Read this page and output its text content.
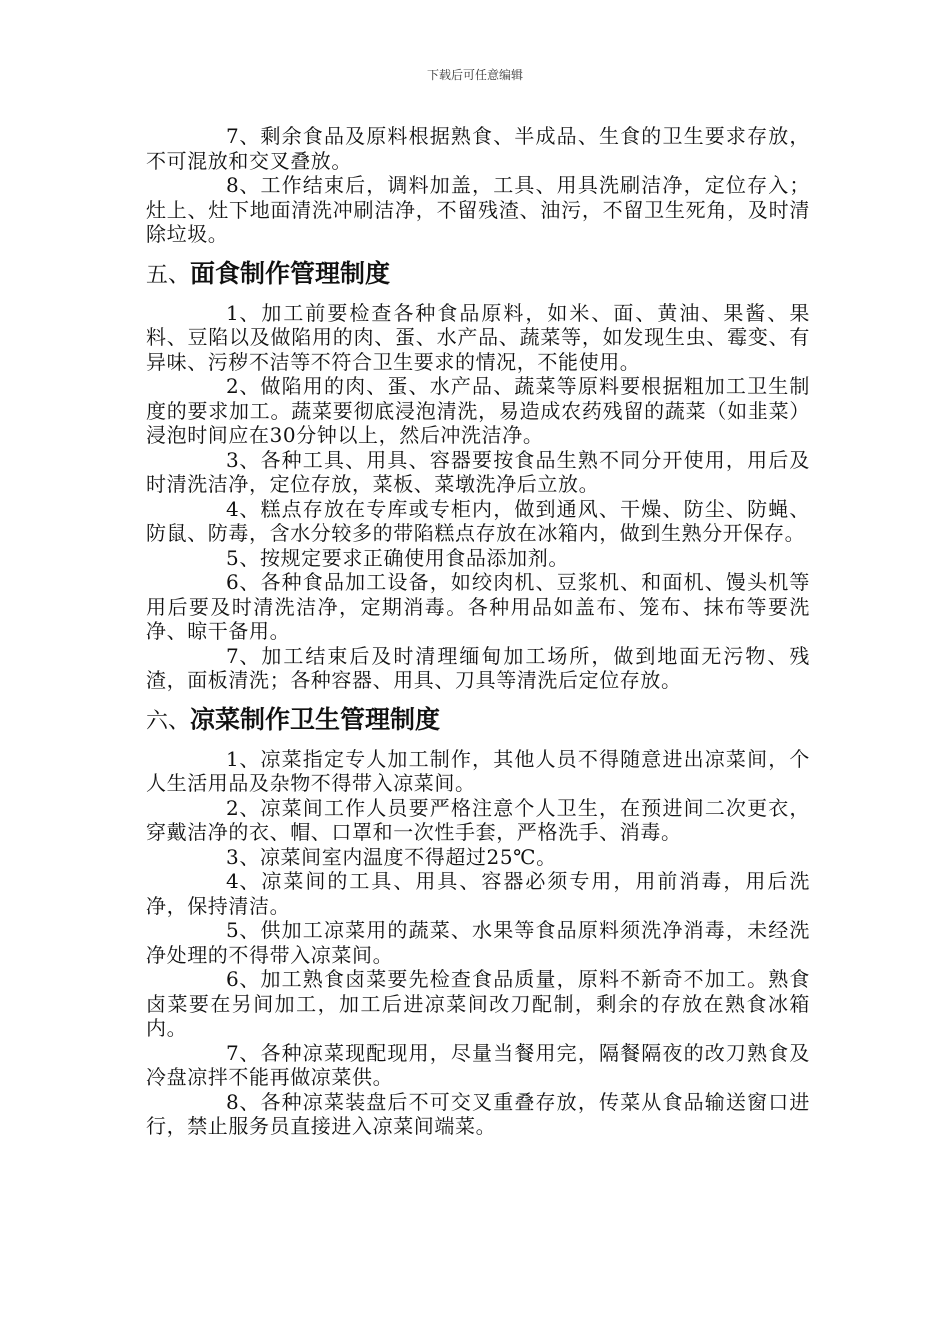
下载后可任意编辑

7、剩余食品及原料根据熟食、半成品、生食的卫生要求存放，不可混放和交叉叠放。

8、工作结束后，调料加盖，工具、用具洗刷洁净，定位存入；灶上、灶下地面清洗冲刷洁净，不留残渣、油污，不留卫生死角，及时清除垃圾。

五、面食制作管理制度

1、加工前要检查各种食品原料，如米、面、黄油、果酱、果料、豆陷以及做陷用的肉、蛋、水产品、蔬菜等，如发现生虫、霉变、有异味、污秽不洁等不符合卫生要求的情况，不能使用。

2、做陷用的肉、蛋、水产品、蔬菜等原料要根据粗加工卫生制度的要求加工。蔬菜要彻底浸泡清洗，易造成农药残留的蔬菜（如韭菜）浸泡时间应在30分钟以上，然后冲洗洁净。

3、各种工具、用具、容器要按食品生熟不同分开使用，用后及时清洗洁净，定位存放，菜板、菜墩洗净后立放。

4、糕点存放在专库或专柜内，做到通风、干燥、防尘、防蝇、防鼠、防毒，含水分较多的带陷糕点存放在冰箱内，做到生熟分开保存。

5、按规定要求正确使用食品添加剂。

6、各种食品加工设备，如绞肉机、豆浆机、和面机、馒头机等用后要及时清洗洁净，定期消毒。各种用品如盖布、笼布、抹布等要洗净、晾干备用。

7、加工结束后及时清理缅甸加工场所，做到地面无污物、残渣，面板清洗；各种容器、用具、刀具等清洗后定位存放。

六、凉菜制作卫生管理制度

1、凉菜指定专人加工制作，其他人员不得随意进出凉菜间，个人生活用品及杂物不得带入凉菜间。

2、凉菜间工作人员要严格注意个人卫生，在预进间二次更衣，穿戴洁净的衣、帽、口罩和一次性手套，严格洗手、消毒。

3、凉菜间室内温度不得超过25℃。

4、凉菜间的工具、用具、容器必须专用，用前消毒，用后洗净，保持清洁。

5、供加工凉菜用的蔬菜、水果等食品原料须洗净消毒，未经洗净处理的不得带入凉菜间。

6、加工熟食卤菜要先检查食品质量，原料不新奇不加工。熟食卤菜要在另间加工，加工后进凉菜间改刀配制，剩余的存放在熟食冰箱内。

7、各种凉菜现配现用，尽量当餐用完，隔餐隔夜的改刀熟食及冷盘凉拌不能再做凉菜供。

8、各种凉菜装盘后不可交叉重叠存放，传菜从食品输送窗口进行，禁止服务员直接进入凉菜间端菜。
